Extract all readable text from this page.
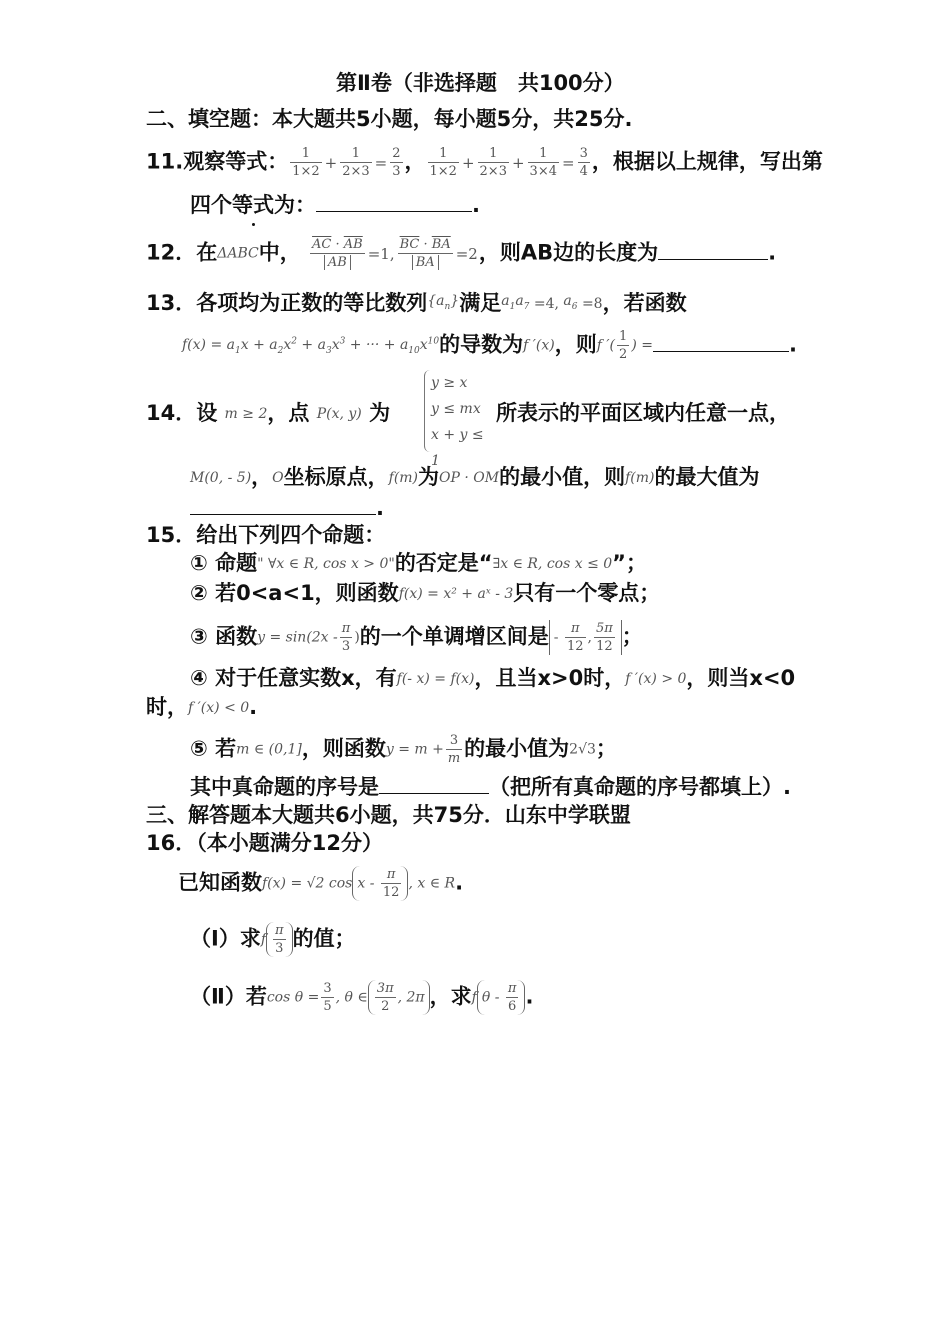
第Ⅱ卷（非选择题　共100分）
二、填空题：本大题共5小题，每小题5分，共25分.
11.观察等式： $\frac{1}{1\times 2} + \frac{1}{2\times 3} = \frac{2}{3}$ ， $\frac{1}{1\times 2} + \frac{1}{2\times 3} + \frac{1}{3\times 4} = \frac{3}{4}$ ，根据以上规律，写出第
四个等式为：	.
12．在ΔABC中， $\frac{\overline{AC} \cdot \overline{AB}}{AB} =1$, $\frac{\overline{BC} \cdot \overline{BA}}{BA} =2$，则AB边的长度为	.
13．各项均为正数的等比数列$\{a_n\}$满足$a_1a_7 =4$, $a_6 =8$，若函数
$f(x) = a_1x + a_2x^2 + a_3x^3$ + ··· + $a_{10}x^{10}$的导数为f ′(x)，则f ′( $\frac{1}{2}$ ) =	.
14．设 m ≥ 2，点 P(x, y) 为
y ≥ x
y ≤ mx
x + y ≤ 1
所表示的平面区域内任意一点，
M(0, - 5)，O坐标原点，f(m)为OP · OM的最小值，则f(m)的最大值为
.
15．给出下列四个命题：
① 命题" ∀x ∈ R, cos x > 0"的否定是“∃x ∈ R, cos x ≤ 0”；
② 若0<a<1，则函数f(x) = x² + aˣ - 3只有一个零点；
③ 函数$y = \sin(2x - \frac{\pi}{3}$ )的一个单调增区间是 - $\frac{\pi}{12}$ , $\frac{5\pi}{12}$ ；
④ 对于任意实数x，有f(- x) = f(x)，且当x>0时，f ′(x) > 0，则当x<0
时，f ′(x) < 0.
⑤ 若m ∈ (0,1]，则函数$y = m + \frac{3}{m}$ 的最小值为2√3；
其中真命题的序号是	（把所有真命题的序号都填上）.
三、解答题本大题共6小题，共75分．山东中学联盟
16．（本小题满分12分）
已知函数f(x) = √2 cos x - $\frac{\pi}{12}$ , x ∈ R.
（Ⅰ）求f $\frac{\pi}{3}$ 的值；
（Ⅱ）若$\cos \theta = \frac{3}{5}$ , θ ∈ $\frac{3\pi}{2}$ , 2π ，求f θ - $\frac{\pi}{6}$ .
